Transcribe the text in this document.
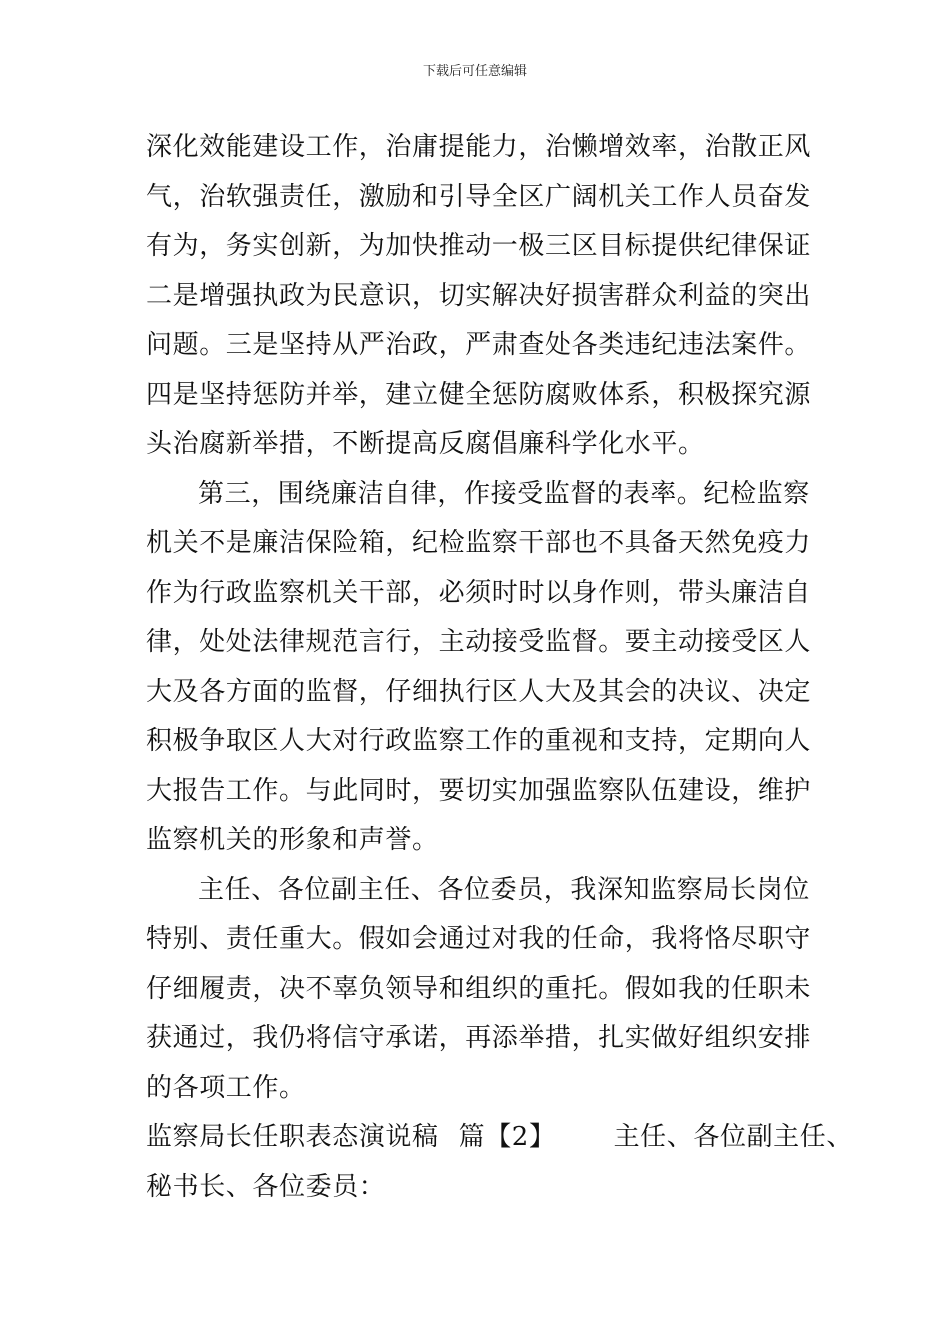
下载后可任意编辑
深化效能建设工作，治庸提能力，治懒增效率，治散正风
气，治软强责任，激励和引导全区广阔机关工作人员奋发
有为，务实创新，为加快推动一极三区目标提供纪律保证
二是增强执政为民意识，切实解决好损害群众利益的突出
问题。三是坚持从严治政，严肃查处各类违纪违法案件。
四是坚持惩防并举，建立健全惩防腐败体系，积极探究源
头治腐新举措，不断提高反腐倡廉科学化水平。
第三，围绕廉洁自律，作接受监督的表率。纪检监察
机关不是廉洁保险箱，纪检监察干部也不具备天然免疫力
作为行政监察机关干部，必须时时以身作则，带头廉洁自
律，处处法律规范言行，主动接受监督。要主动接受区人
大及各方面的监督，仔细执行区人大及其会的决议、决定
积极争取区人大对行政监察工作的重视和支持，定期向人
大报告工作。与此同时，要切实加强监察队伍建设，维护
监察机关的形象和声誉。
主任、各位副主任、各位委员，我深知监察局长岗位
特别、责任重大。假如会通过对我的任命，我将恪尽职守
仔细履责，决不辜负领导和组织的重托。假如我的任职未
获通过，我仍将信守承诺，再添举措，扎实做好组织安排
的各项工作。
监察局长任职表态演说稿 篇【2】 主任、各位副主任、
秘书长、各位委员：
